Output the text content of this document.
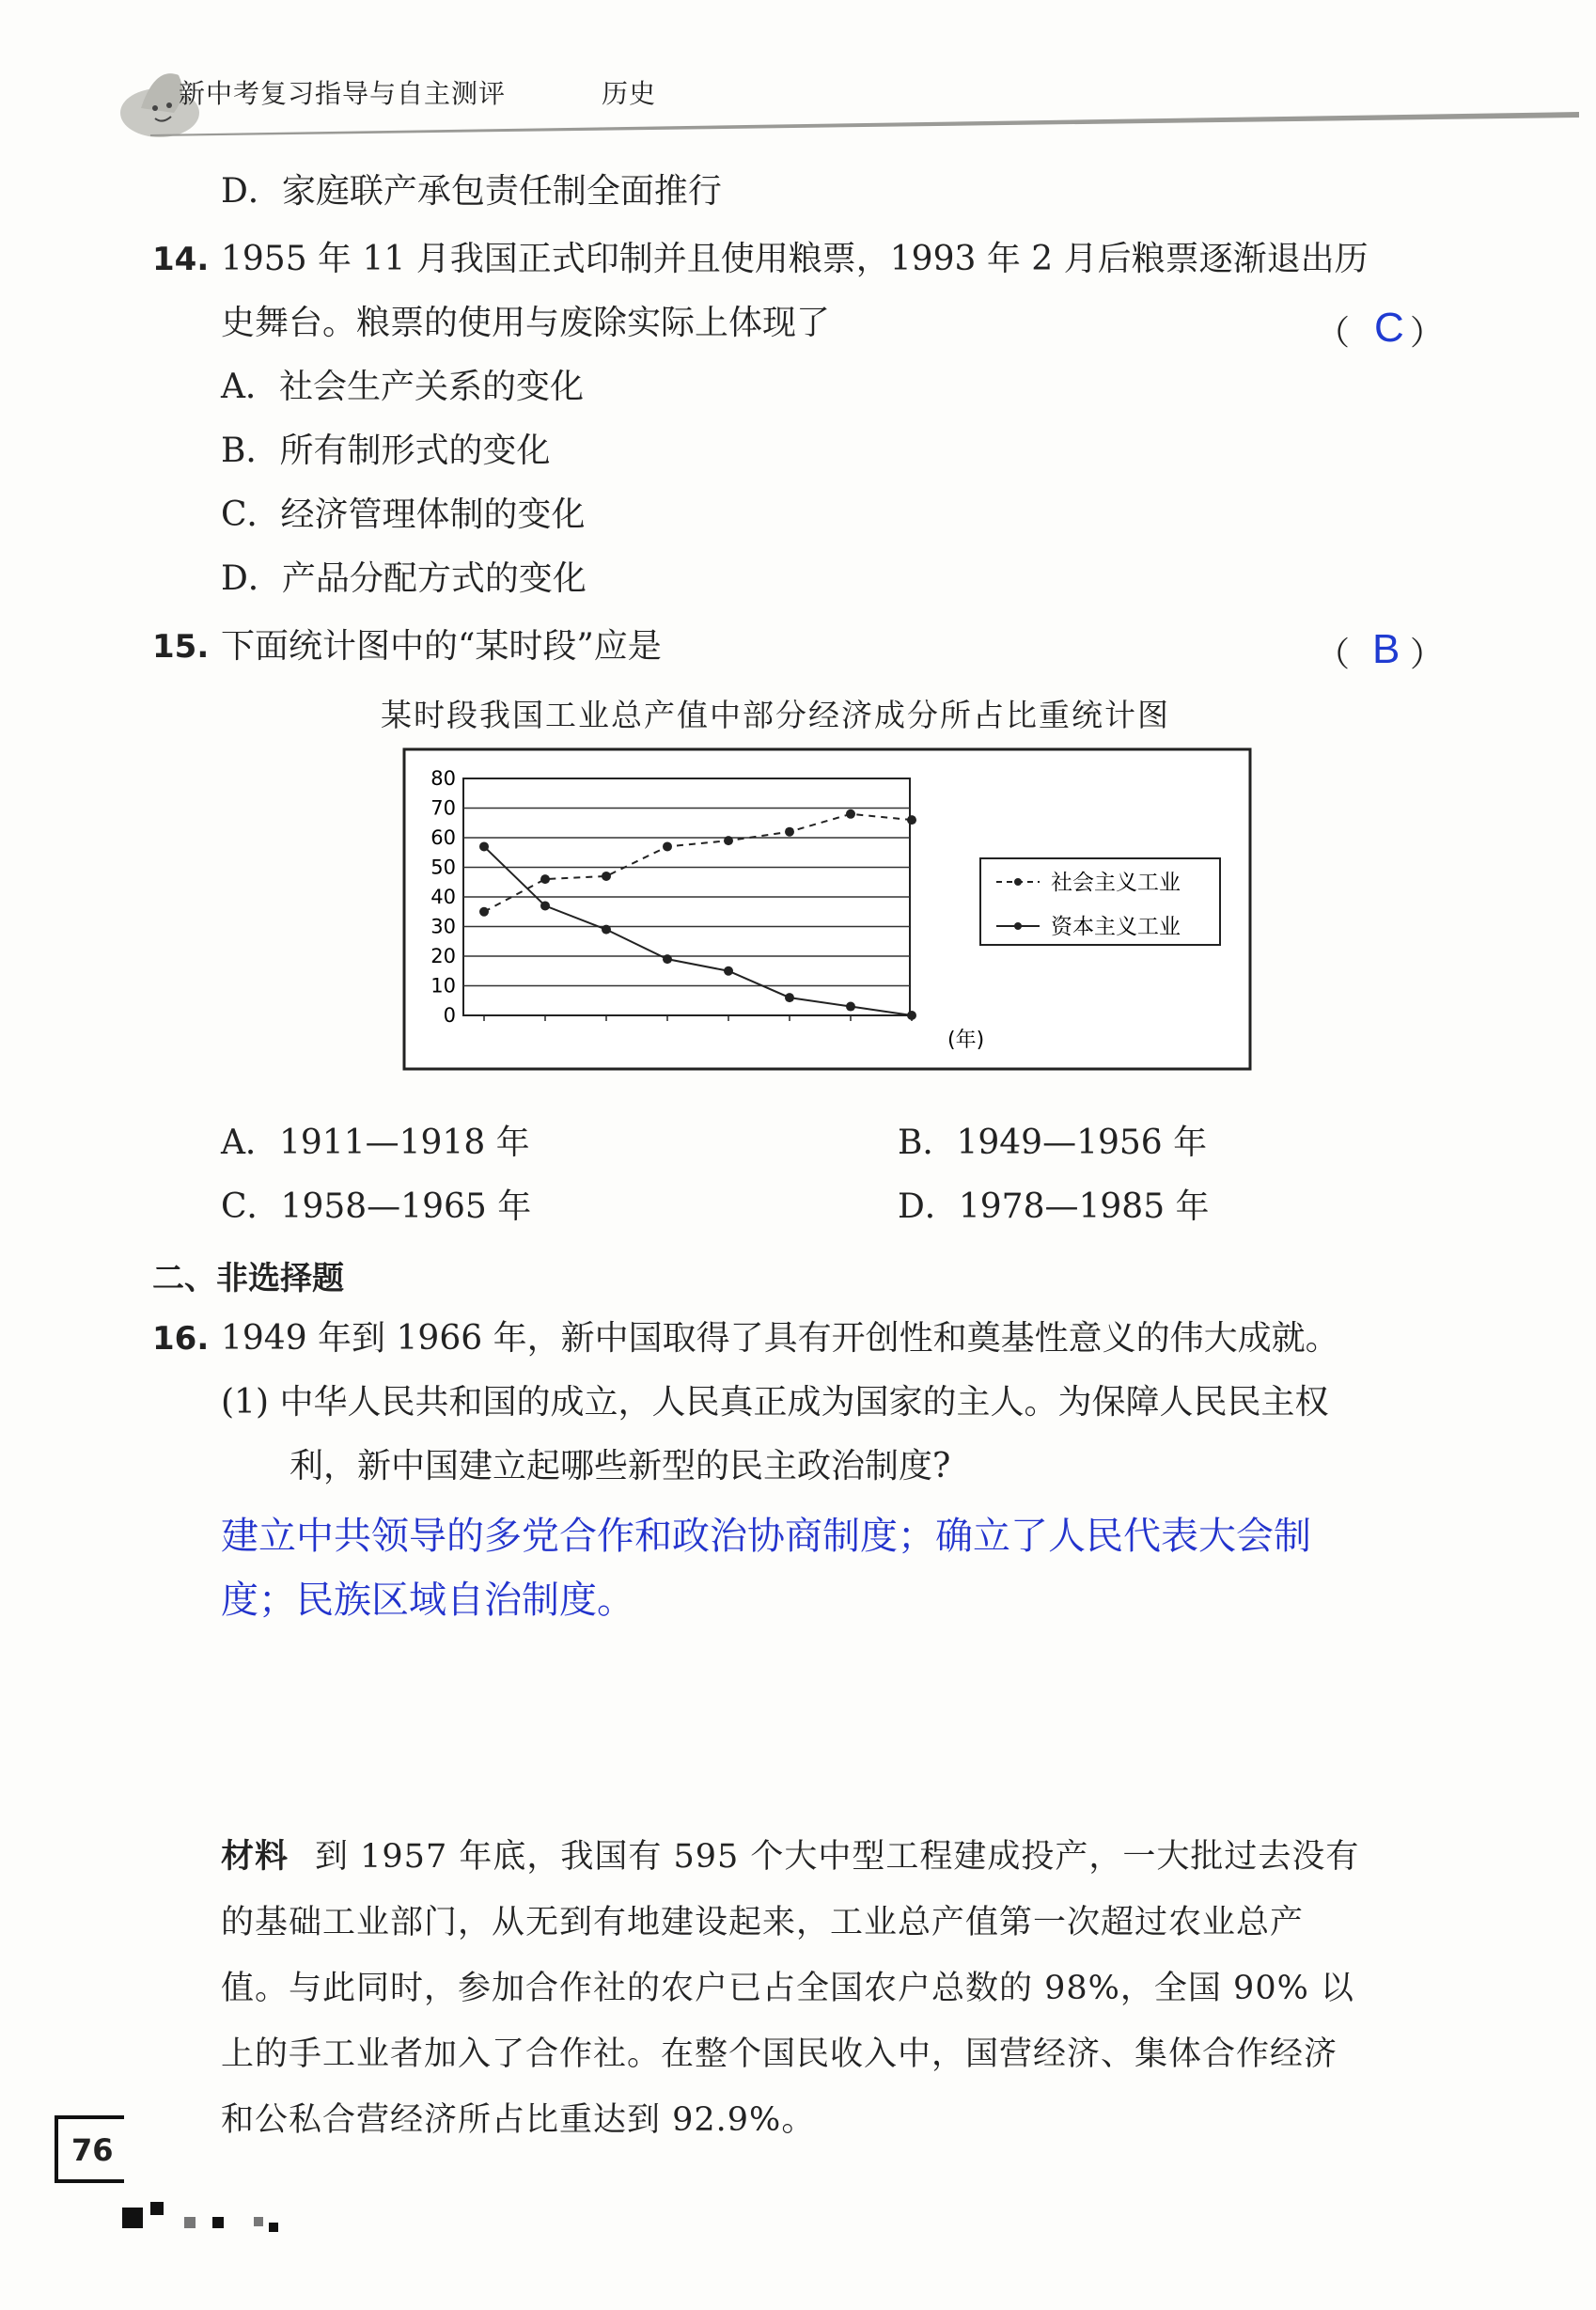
新中考复习指导与自主测评	历史
D．家庭联产承包责任制全面推行
14. 1955 年 11 月我国正式印制并且使用粮票，1993 年 2 月后粮票逐渐退出历
史舞台。粮票的使用与废除实际上体现了	（ C ）
A．社会生产关系的变化
B．所有制形式的变化
C．经济管理体制的变化
D．产品分配方式的变化
15. 下面统计图中的“某时段”应是	（ B ）
某时段我国工业总产值中部分经济成分所占比重统计图
80
70
60
50
40
30
20
10
0
(年)
社会主义工业
资本主义工业
A．1911—1918 年	B．1949—1956 年
C．1958—1965 年	D．1978—1985 年
二、非选择题
16. 1949 年到 1966 年，新中国取得了具有开创性和奠基性意义的伟大成就。
(1) 中华人民共和国的成立，人民真正成为国家的主人。为保障人民民主权
利，新中国建立起哪些新型的民主政治制度?
建立中共领导的多党合作和政治协商制度；确立了人民代表大会制
度；民族区域自治制度。
材料 到 1957 年底，我国有 595 个大中型工程建成投产，一大批过去没有
的基础工业部门，从无到有地建设起来，工业总产值第一次超过农业总产
值。与此同时，参加合作社的农户已占全国农户总数的 98%，全国 90% 以
上的手工业者加入了合作社。在整个国民收入中，国营经济、集体合作经济
和公私合营经济所占比重达到 92.9%。
76
